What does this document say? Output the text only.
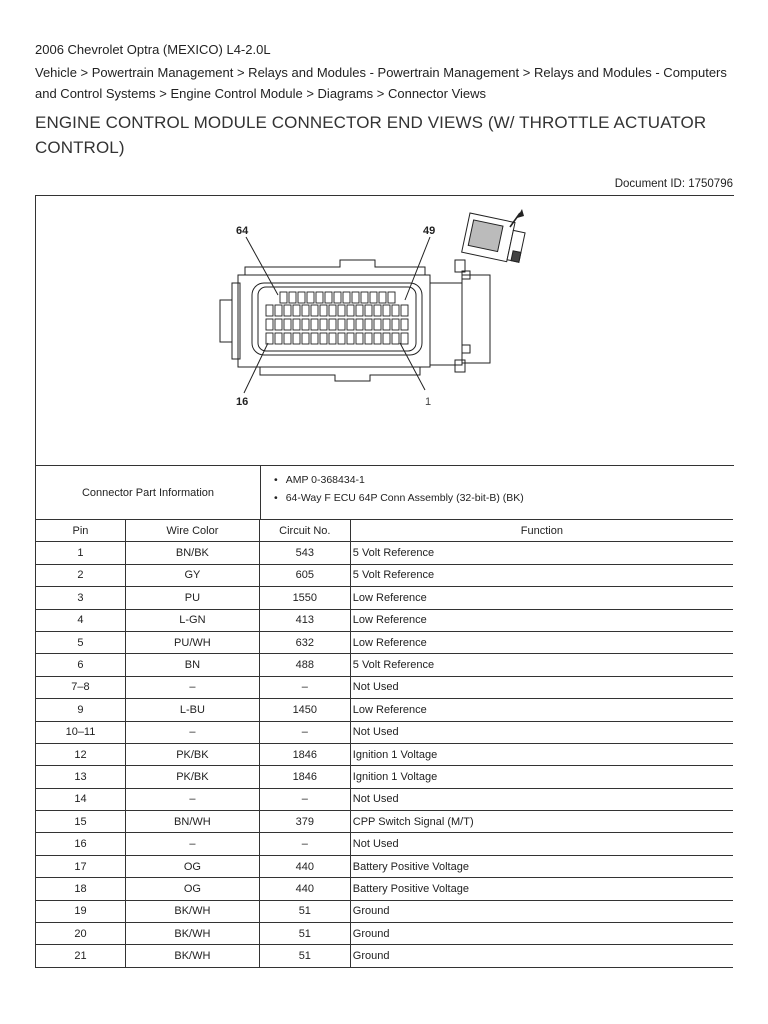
2006 Chevrolet Optra (MEXICO) L4-2.0L
Vehicle > Powertrain Management > Relays and Modules - Powertrain Management > Relays and Modules - Computers and Control Systems > Engine Control Module > Diagrams > Connector Views
ENGINE CONTROL MODULE CONNECTOR END VIEWS (W/ THROTTLE ACTUATOR CONTROL)
Document ID: 1750796
64	49
16	1
Connector Part Information
• AMP 0-368434-1
• 64-Way F ECU 64P Conn Assembly (32-bit-B) (BK)
Pin	Wire Color	Circuit No.	Function
1	BN/BK	543	5 Volt Reference
2	GY	605	5 Volt Reference
3	PU	1550	Low Reference
4	L-GN	413	Low Reference
5	PU/WH	632	Low Reference
6	BN	488	5 Volt Reference
7–8	–	–	Not Used
9	L-BU	1450	Low Reference
10–11	–	–	Not Used
12	PK/BK	1846	Ignition 1 Voltage
13	PK/BK	1846	Ignition 1 Voltage
14	–	–	Not Used
15	BN/WH	379	CPP Switch Signal (M/T)
16	–	–	Not Used
17	OG	440	Battery Positive Voltage
18	OG	440	Battery Positive Voltage
19	BK/WH	51	Ground
20	BK/WH	51	Ground
21	BK/WH	51	Ground
